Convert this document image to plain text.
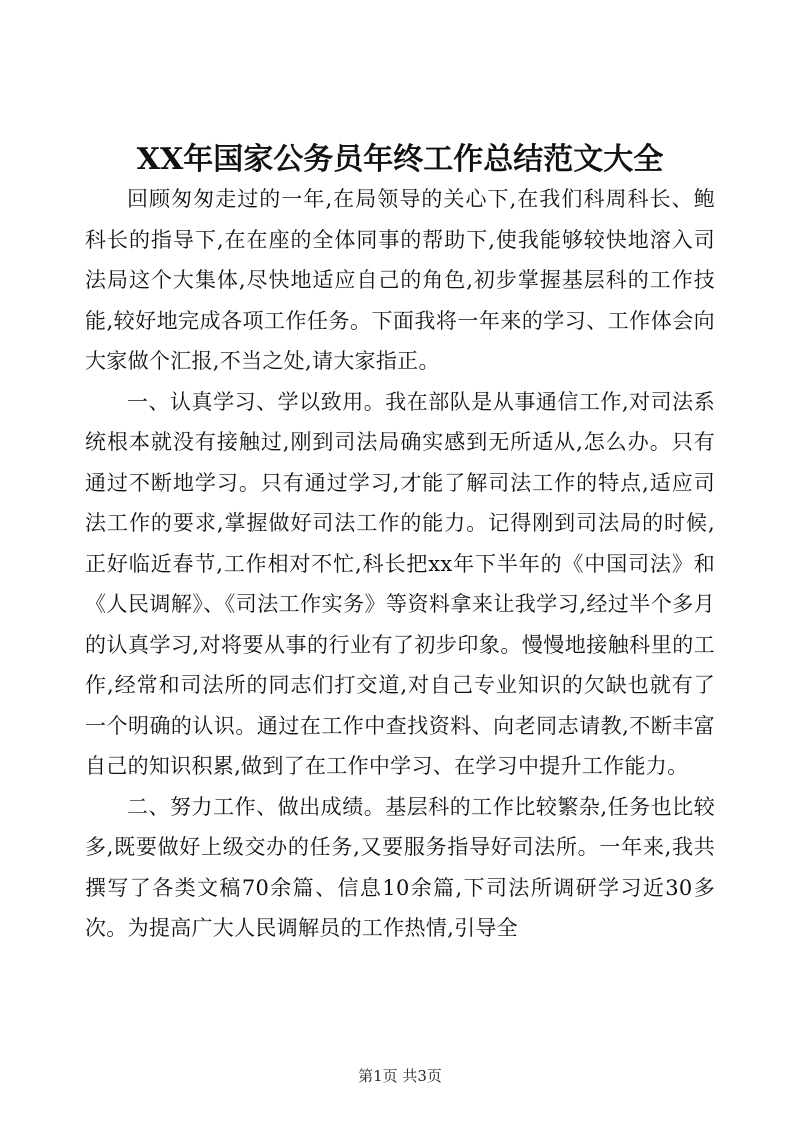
XX年国家公务员年终工作总结范文大全

回顾匆匆走过的一年,在局领导的关心下,在我们科周科长、鲍科长的指导下,在在座的全体同事的帮助下,使我能够较快地溶入司法局这个大集体,尽快地适应自己的角色,初步掌握基层科的工作技能,较好地完成各项工作任务。下面我将一年来的学习、工作体会向大家做个汇报,不当之处,请大家指正。

一、认真学习、学以致用。我在部队是从事通信工作,对司法系统根本就没有接触过,刚到司法局确实感到无所适从,怎么办。只有通过不断地学习。只有通过学习,才能了解司法工作的特点,适应司法工作的要求,掌握做好司法工作的能力。记得刚到司法局的时候,正好临近春节,工作相对不忙,科长把xx年下半年的《中国司法》和《人民调解》、《司法工作实务》等资料拿来让我学习,经过半个多月的认真学习,对将要从事的行业有了初步印象。慢慢地接触科里的工作,经常和司法所的同志们打交道,对自己专业知识的欠缺也就有了一个明确的认识。通过在工作中查找资料、向老同志请教,不断丰富自己的知识积累,做到了在工作中学习、在学习中提升工作能力。

二、努力工作、做出成绩。基层科的工作比较繁杂,任务也比较多,既要做好上级交办的任务,又要服务指导好司法所。一年来,我共撰写了各类文稿70余篇、信息10余篇,下司法所调研学习近30多次。为提高广大人民调解员的工作热情,引导全

第1页 共3页
